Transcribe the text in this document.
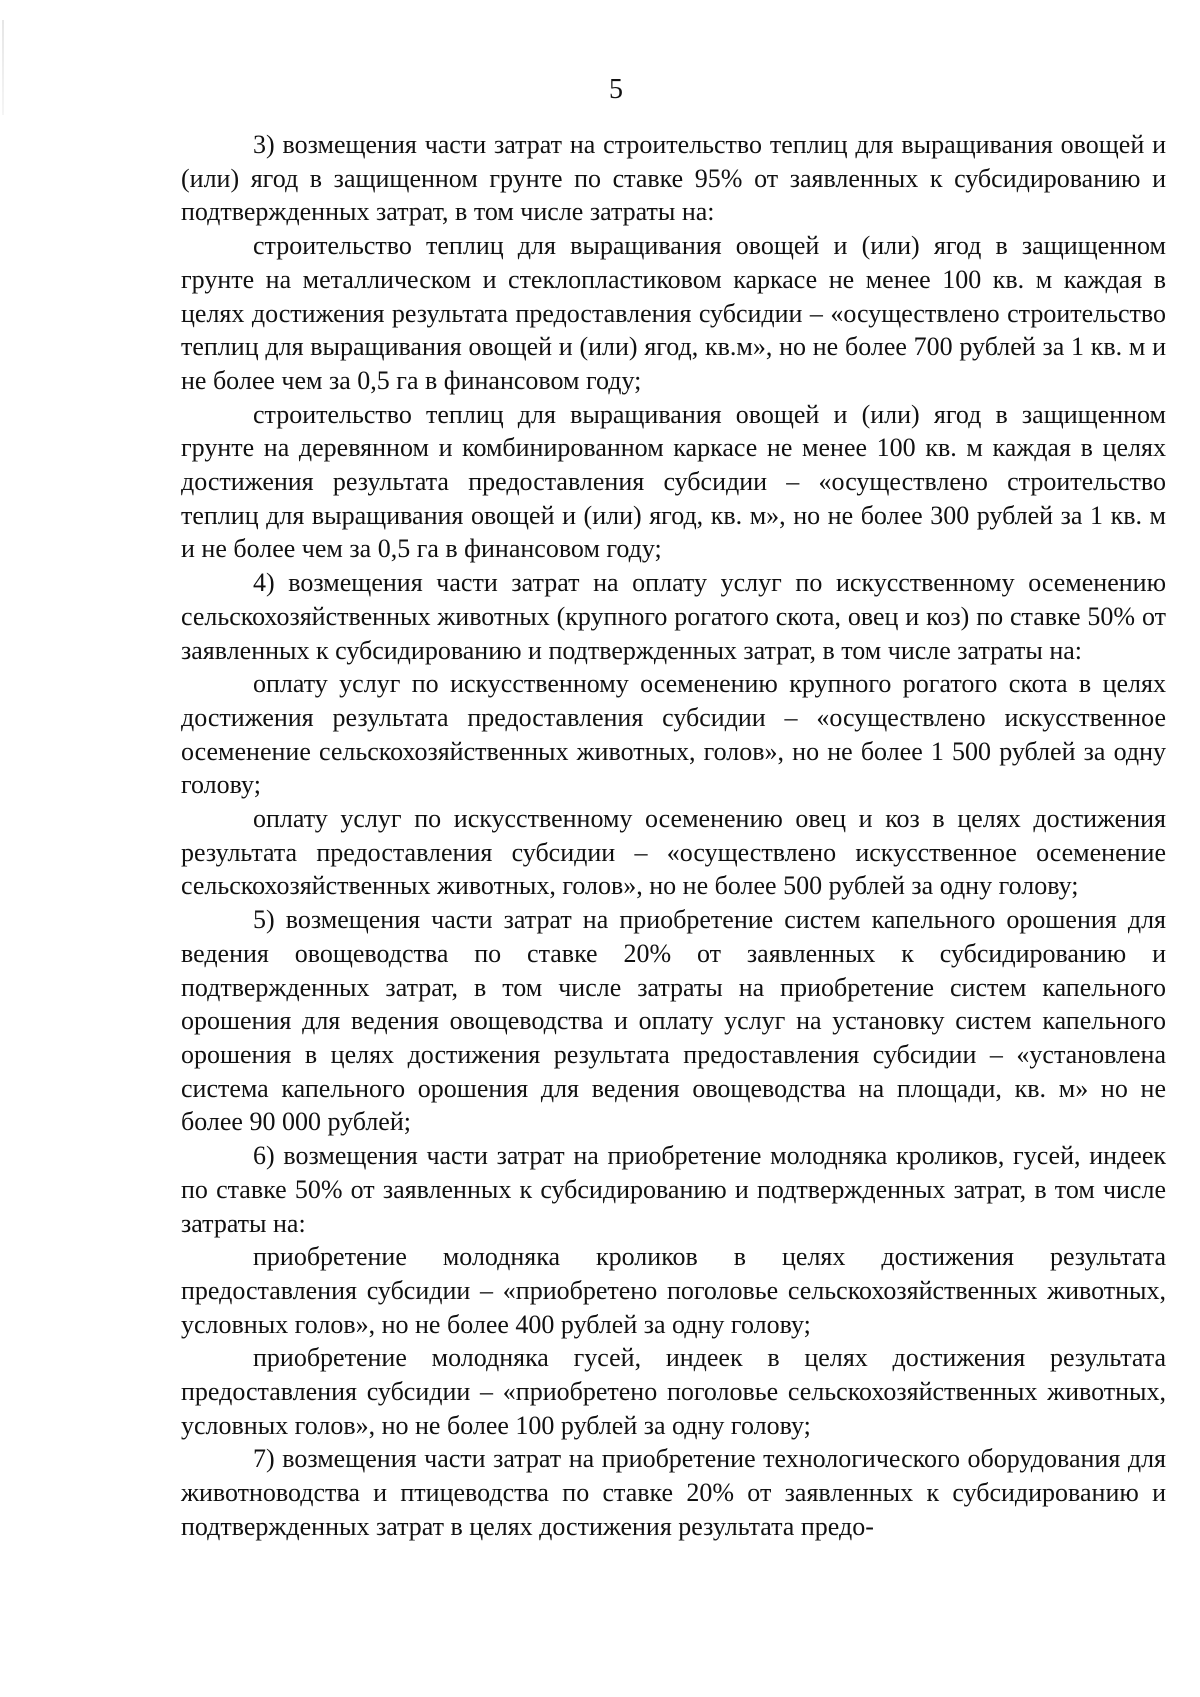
5

3) возмещения части затрат на строительство теплиц для выращивания овощей и (или) ягод в защищенном грунте по ставке 95% от заявленных к субсидированию и подтвержденных затрат, в том числе затраты на:

строительство теплиц для выращивания овощей и (или) ягод в защищенном грунте на металлическом и стеклопластиковом каркасе не менее 100 кв. м каждая в целях достижения результата предоставления субсидии – «осуществлено строительство теплиц для выращивания овощей и (или) ягод, кв.м», но не более 700 рублей за 1 кв. м и не более чем за 0,5 га в финансовом году;

строительство теплиц для выращивания овощей и (или) ягод в защищенном грунте на деревянном и комбинированном каркасе не менее 100 кв. м каждая в целях достижения результата предоставления субсидии – «осуществлено строительство теплиц для выращивания овощей и (или) ягод, кв. м», но не более 300 рублей за 1 кв. м и не более чем за 0,5 га в финансовом году;

4) возмещения части затрат на оплату услуг по искусственному осеменению сельскохозяйственных животных (крупного рогатого скота, овец и коз) по ставке 50% от заявленных к субсидированию и подтвержденных затрат, в том числе затраты на:

оплату услуг по искусственному осеменению крупного рогатого скота в целях достижения результата предоставления субсидии – «осуществлено искусственное осеменение сельскохозяйственных животных, голов», но не более 1 500 рублей за одну голову;

оплату услуг по искусственному осеменению овец и коз в целях достижения результата предоставления субсидии – «осуществлено искусственное осеменение сельскохозяйственных животных, голов», но не более 500 рублей за одну голову;

5) возмещения части затрат на приобретение систем капельного орошения для ведения овощеводства по ставке 20% от заявленных к субсидированию и подтвержденных затрат, в том числе затраты на приобретение систем капельного орошения для ведения овощеводства и оплату услуг на установку систем капельного орошения в целях достижения результата предоставления субсидии – «установлена система капельного орошения для ведения овощеводства на площади, кв. м» но не более 90 000 рублей;

6) возмещения части затрат на приобретение молодняка кроликов, гусей, индеек по ставке 50% от заявленных к субсидированию и подтвержденных затрат, в том числе затраты на:

приобретение молодняка кроликов в целях достижения результата предоставления субсидии – «приобретено поголовье сельскохозяйственных животных, условных голов», но не более 400 рублей за одну голову;

приобретение молодняка гусей, индеек в целях достижения результата предоставления субсидии – «приобретено поголовье сельскохозяйственных животных, условных голов», но не более 100 рублей за одну голову;

7) возмещения части затрат на приобретение технологического оборудования для животноводства и птицеводства по ставке 20% от заявленных к субсидированию и подтвержденных затрат в целях достижения результата предо-
